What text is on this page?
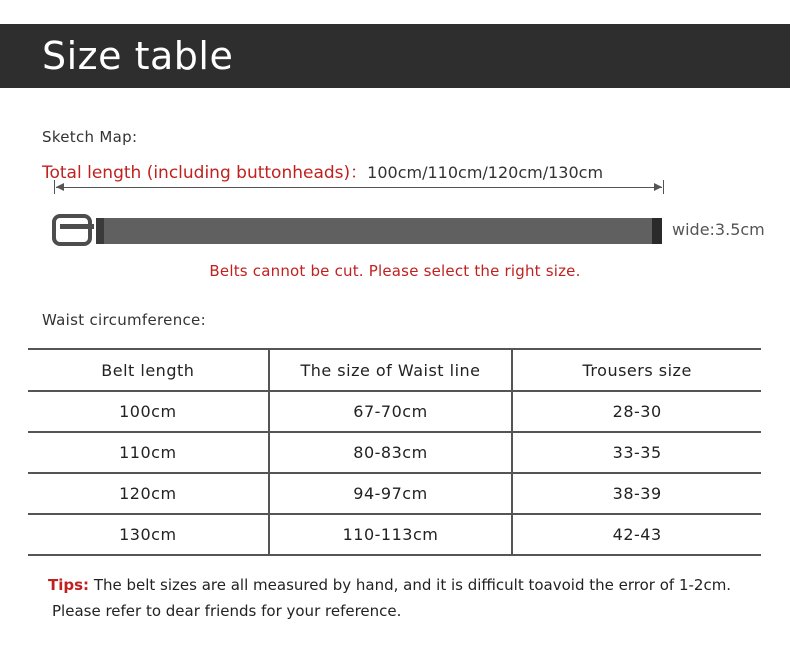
Size table
Sketch Map:
Total length (including buttonheads)：100cm/110cm/120cm/130cm
wide:3.5cm
Belts cannot be cut. Please select the right size.
Waist circumference:
Belt length	The size of Waist line	Trousers size
100cm	67-70cm	28-30
110cm	80-83cm	33-35
120cm	94-97cm	38-39
130cm	110-113cm	42-43
Tips: The belt sizes are all measured by hand, and it is difficult toavoid the error of 1-2cm.
Please refer to dear friends for your reference.
